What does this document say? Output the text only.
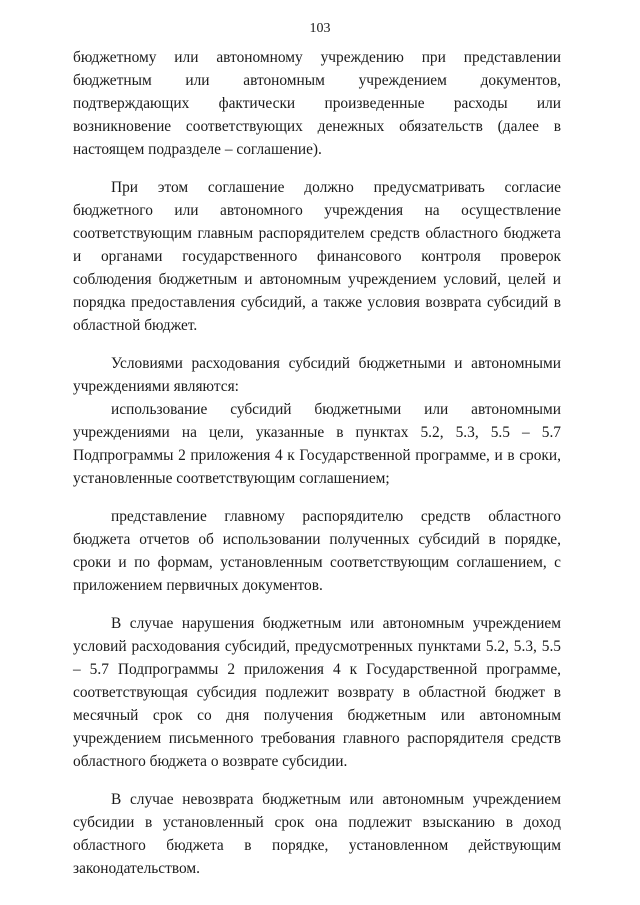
103

бюджетному или автономному учреждению при представлении бюджетным или автономным учреждением документов, подтверждающих фактически произведенные расходы или возникновение соответствующих денежных обязательств (далее в настоящем подразделе – соглашение).

При этом соглашение должно предусматривать согласие бюджетного или автономного учреждения на осуществление соответствующим главным распорядителем средств областного бюджета и органами государственного финансового контроля проверок соблюдения бюджетным и автономным учреждением условий, целей и порядка предоставления субсидий, а также условия возврата субсидий в областной бюджет.

Условиями расходования субсидий бюджетными и автономными учреждениями являются:

использование субсидий бюджетными или автономными учреждениями на цели, указанные в пунктах 5.2, 5.3, 5.5 – 5.7 Подпрограммы 2 приложения 4 к Государственной программе, и в сроки, установленные соответствующим соглашением;

представление главному распорядителю средств областного бюджета отчетов об использовании полученных субсидий в порядке, сроки и по формам, установленным соответствующим соглашением, с приложением первичных документов.

В случае нарушения бюджетным или автономным учреждением условий расходования субсидий, предусмотренных пунктами 5.2, 5.3, 5.5 – 5.7 Подпрограммы 2 приложения 4 к Государственной программе, соответствующая субсидия подлежит возврату в областной бюджет в месячный срок со дня получения бюджетным или автономным учреждением письменного требования главного распорядителя средств областного бюджета о возврате субсидии.

В случае невозврата бюджетным или автономным учреждением субсидии в установленный срок она подлежит взысканию в доход областного бюджета в порядке, установленном действующим законодательством.
